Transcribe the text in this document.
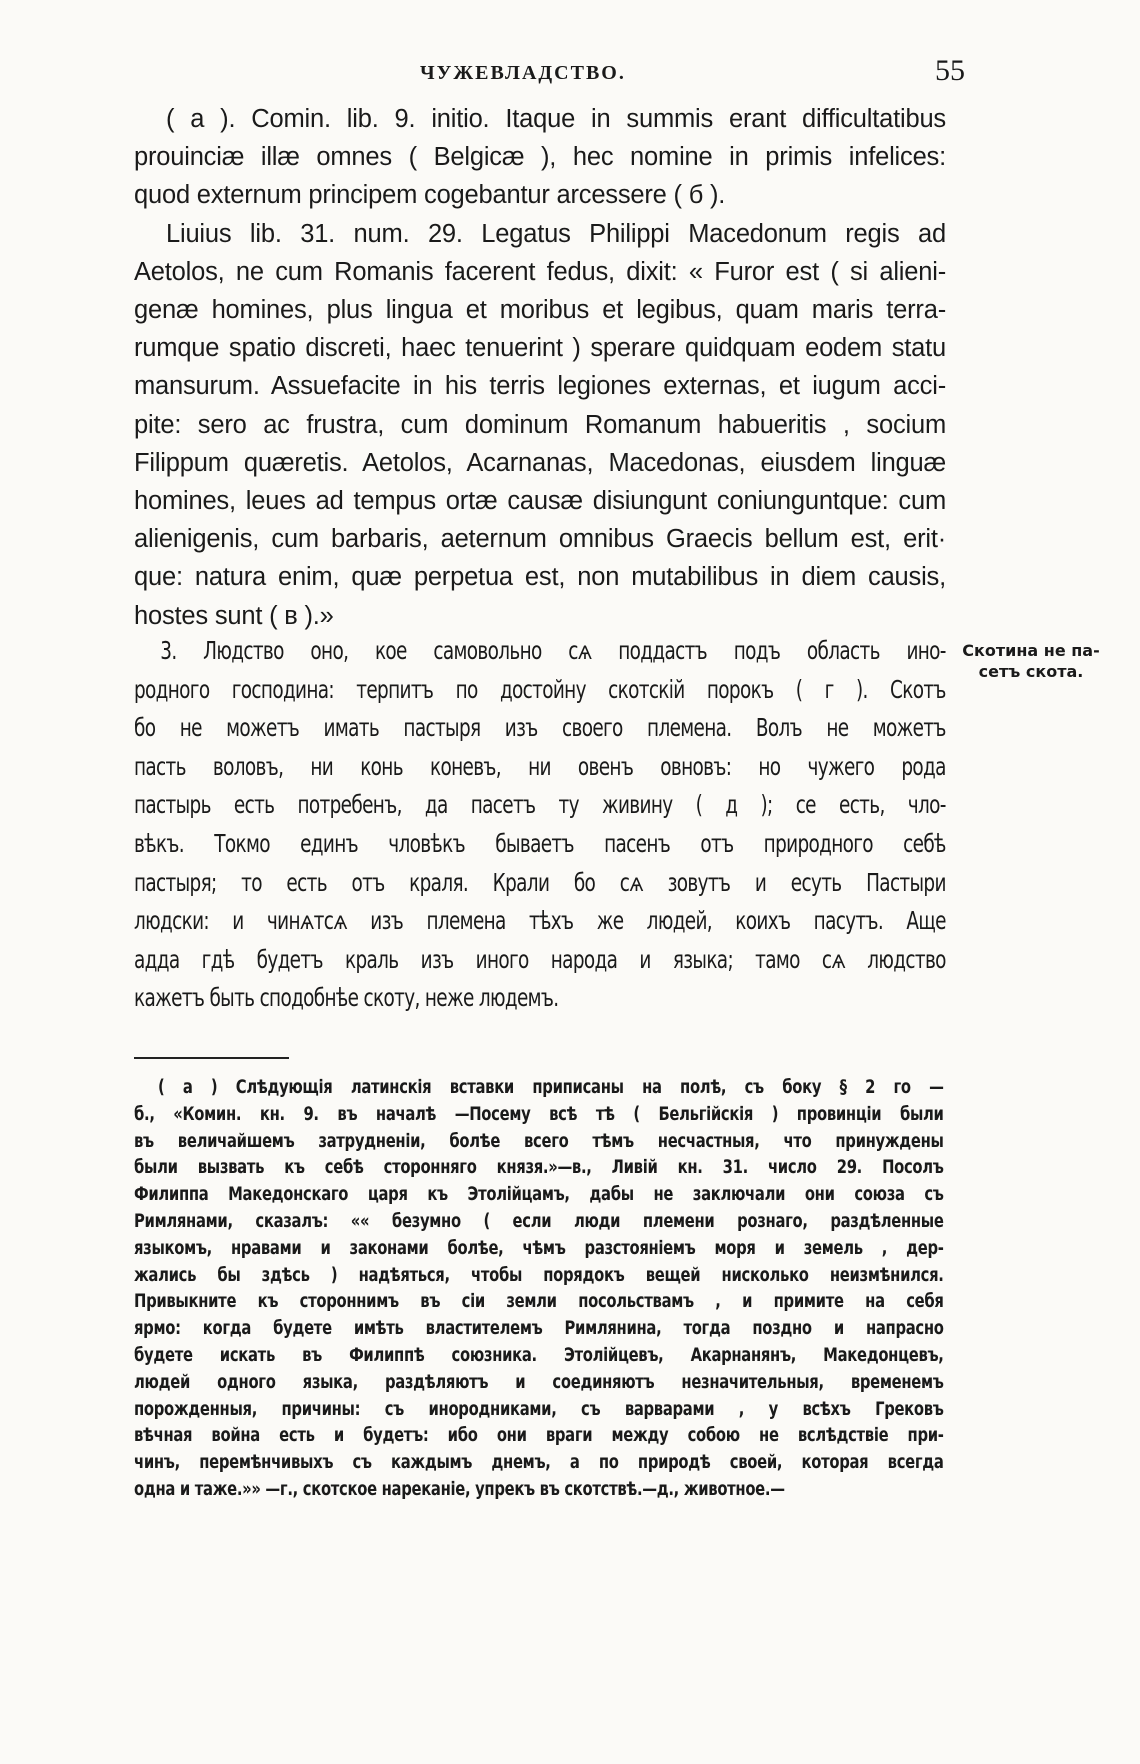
ЧУЖЕВЛАДСТВО.	55
( a ). Comin. lib. 9. initio. Itaque in summis erant difficultatibus
prouinciæ illæ omnes ( Belgicæ ), hec nomine in primis infelices:
quod externum principem cogebantur arcessere ( б ).
Liuius lib. 31. num. 29. Legatus Philippi Macedonum regis ad
Aetolos, ne cum Romanis facerent fedus, dixit: « Furor est ( si alieni-
genæ homines, plus lingua et moribus et legibus, quam maris terra-
rumque spatio discreti, haec tenuerint ) sperare quidquam eodem statu
mansurum. Assuefacite in his terris legiones externas, et iugum acci-
pite: sero ac frustra, cum dominum Romanum habueritis , socium
Filippum quæretis. Aetolos, Acarnanas, Macedonas, eiusdem linguæ
homines, leues ad tempus ortæ causæ disiungunt coniunguntque: cum
alienigenis, cum barbaris, aeternum omnibus Graecis bellum est, erit·
que: natura enim, quæ perpetua est, non mutabilibus in diem causis,
hostes sunt ( в ).»
3. Людство оно, кое самовольно сѧ поддастъ подъ область ино-
родного господина: терпитъ по достойну скотскій порокъ ( г ). Скотъ
бо не можетъ имать пастыря изъ своего племена. Волъ не можетъ
пасть воловъ, ни конь коневъ, ни овенъ овновъ: но чужего рода
пастырь есть потребенъ, да пасетъ ту живину ( д ); се есть, чло-
вѣкъ. Токмо единъ чловѣкъ бываетъ пасенъ отъ природного себѣ
пастыря; то есть отъ краля. Крали бо сѧ зовутъ и есуть Пастыри
людски: и чинѧтсѧ изъ племена тѣхъ же людей, коихъ пасутъ. Аще
адда гдѣ будетъ краль изъ иного народа и языка; тамо сѧ людство
кажетъ быть сподобнѣе скоту, неже людемъ.
Скотина не па-
сетъ скота.
( а ) Слѣдующія латинскія вставки приписаны на полѣ, съ боку § 2 го —
б., «Комин. кн. 9. въ началѣ —Посему всѣ тѣ ( Бельгійскія ) провинціи были
въ величайшемъ затрудненіи, болѣе всего тѣмъ несчастныя, что принуждены
были вызвать къ себѣ сторонняго князя.»—в., Ливій кн. 31. число 29. Посолъ
Филиппа Македонскаго царя къ Этолійцамъ, дабы не заключали они союза съ
Римлянами, сказалъ: «« безумно ( если люди племени рознаго, раздѣленные
языкомъ, нравами и законами болѣе, чѣмъ разстояніемъ моря и земель , дер-
жались бы здѣсь ) надѣяться, чтобы порядокъ вещей нисколько неизмѣнился.
Привыкните къ стороннимъ въ сіи земли посольствамъ , и примите на себя
ярмо: когда будете имѣть властителемъ Римлянина, тогда поздно и напрасно
будете искать въ Филиппѣ союзника. Этолійцевъ, Акарнанянъ, Македонцевъ,
людей одного языка, раздѣляютъ и соединяютъ незначительныя, временемъ
порожденныя, причины: съ инородниками, съ варварами , у всѣхъ Грековъ
вѣчная война есть и будетъ: ибо они враги между собою не вслѣдствіе при-
чинъ, перемѣнчивыхъ съ каждымъ днемъ, а по природѣ своей, которая всегда
одна и таже.»» —г., скотское нареканіе, упрекъ въ скотствѣ.—д., животное.—
